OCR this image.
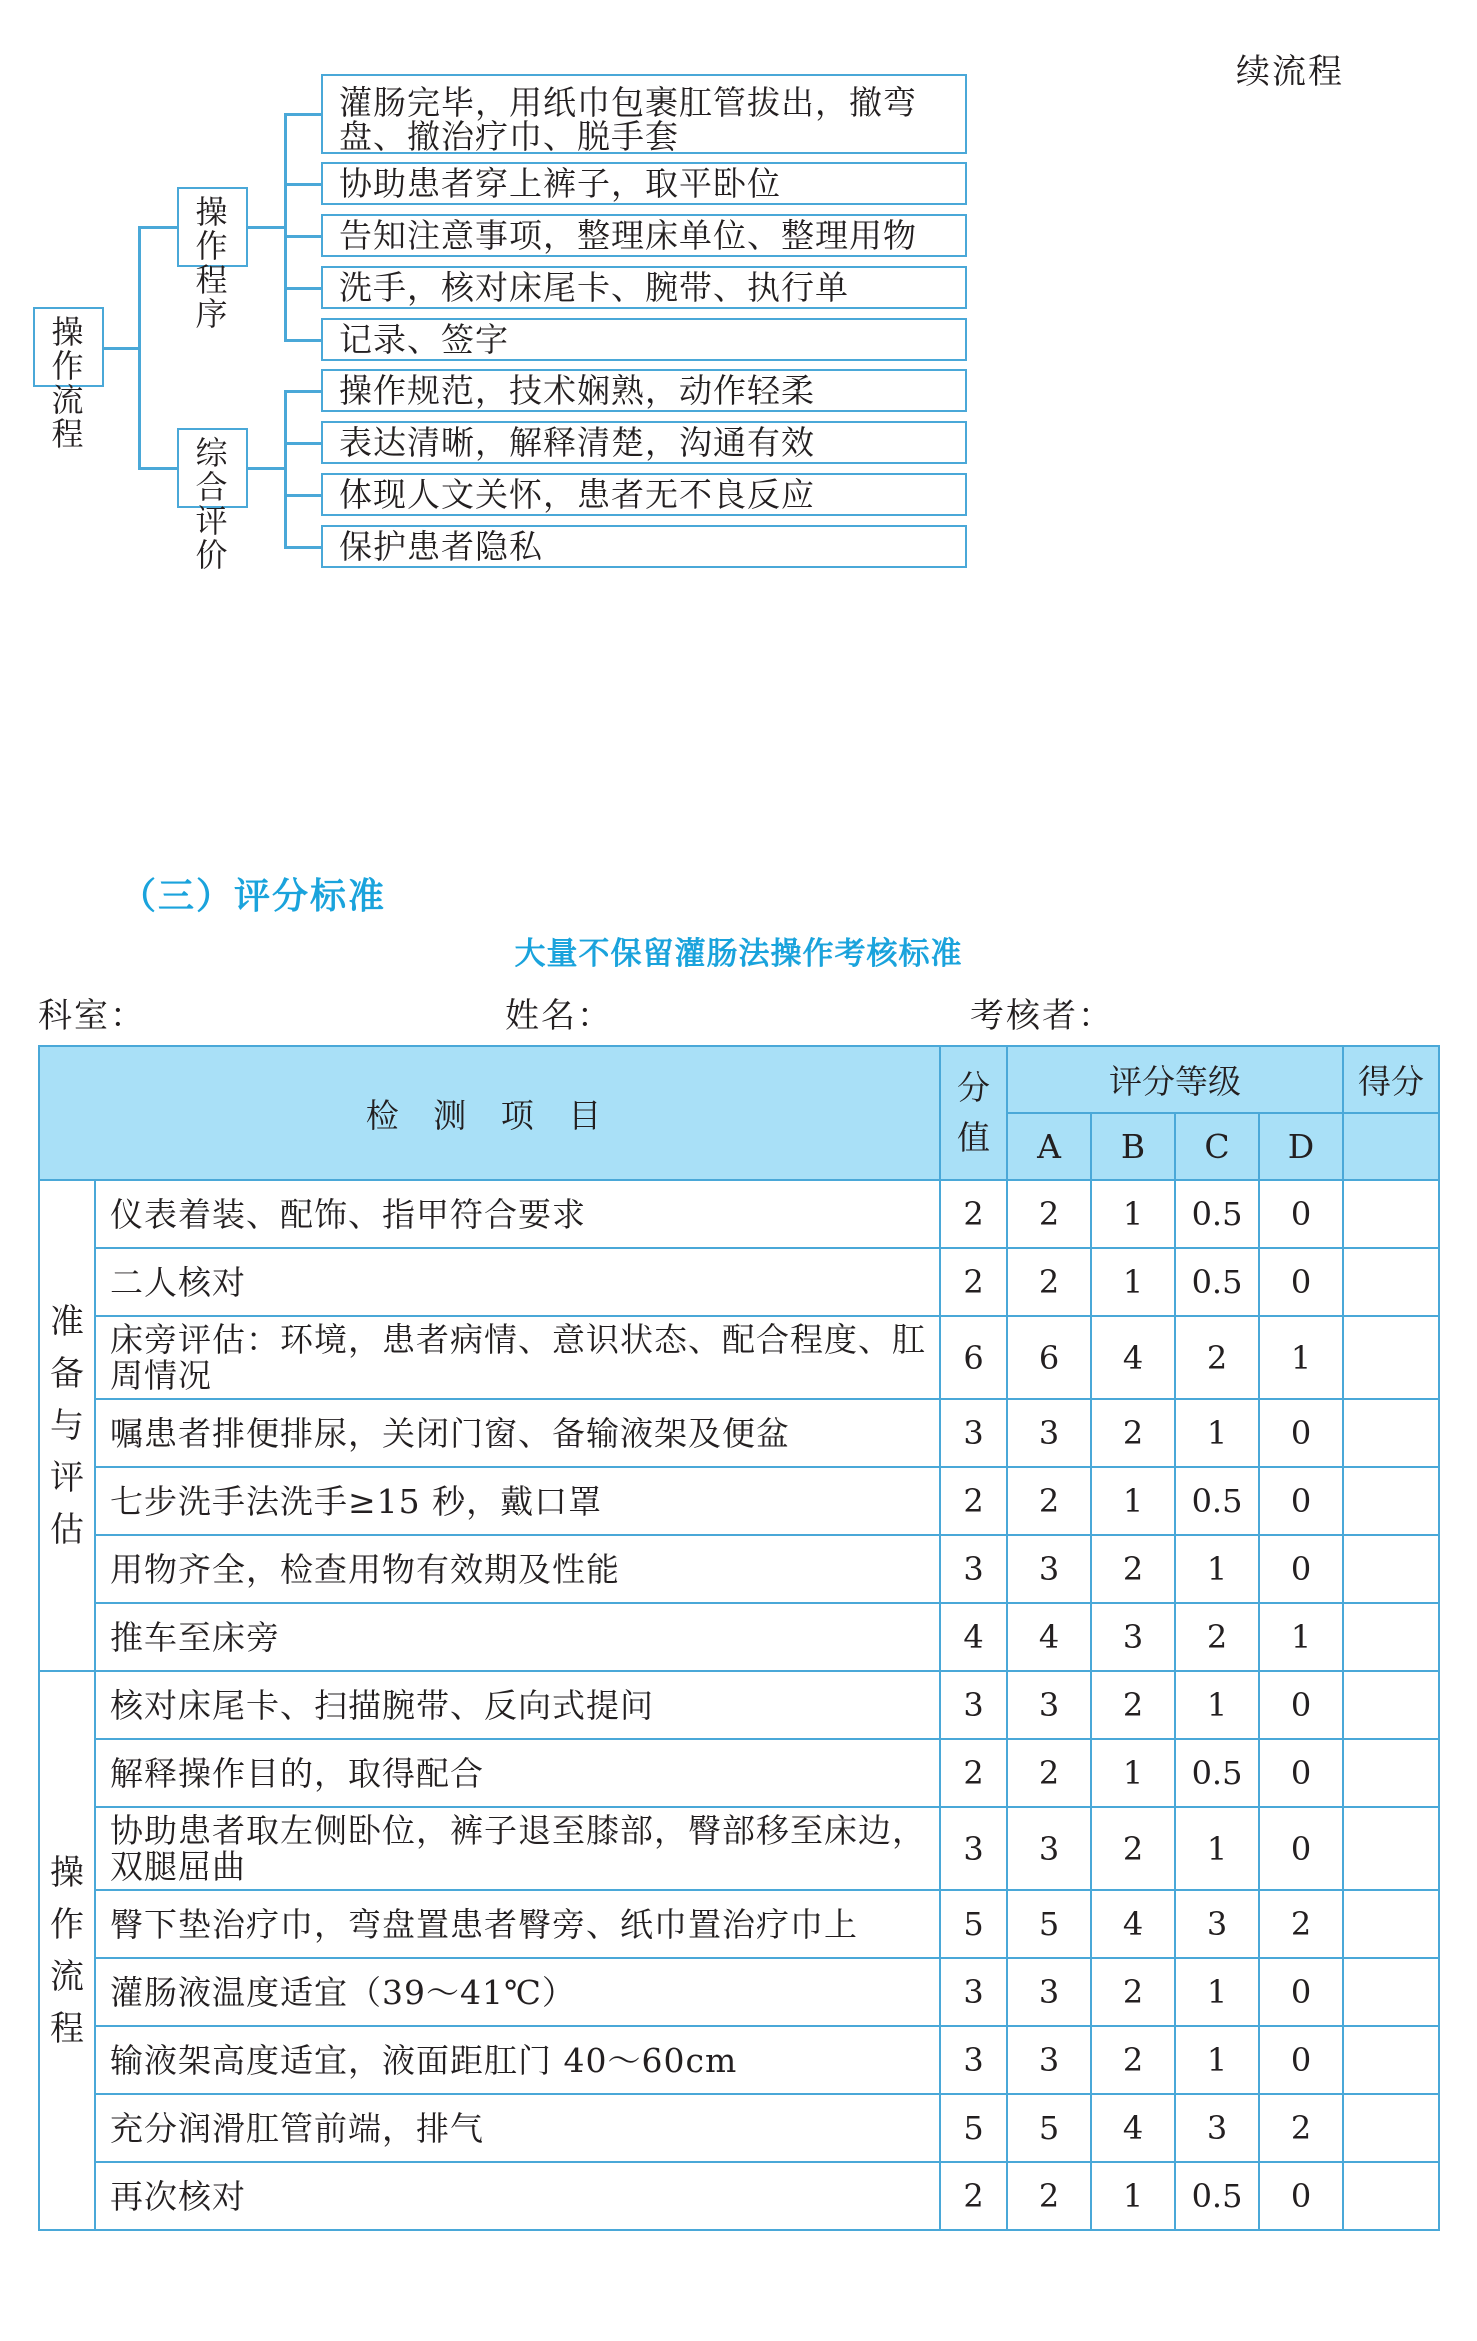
续流程
操作流程
操作程序
综合评价
灌肠完毕，用纸巾包裹肛管拔出，撤弯盘、撤治疗巾、脱手套
协助患者穿上裤子，取平卧位
告知注意事项，整理床单位、整理用物
洗手，核对床尾卡、腕带、执行单
记录、签字
操作规范，技术娴熟，动作轻柔
表达清晰，解释清楚，沟通有效
体现人文关怀，患者无不良反应
保护患者隐私
（三）评分标准
大量不保留灌肠法操作考核标准
科室：	姓名：	考核者：
检 测 项 目		分值	评分等级				得分
			A	B	C	D	

准备与评估	仪表着装、配饰、指甲符合要求	2	2	1	0.5	0	
	二人核对	2	2	1	0.5	0	
	床旁评估：环境，患者病情、意识状态、配合程度、肛周情况	6	6	4	2	1	
	嘱患者排便排尿，关闭门窗、备输液架及便盆	3	3	2	1	0	
	七步洗手法洗手≥15 秒，戴口罩	2	2	1	0.5	0	
	用物齐全，检查用物有效期及性能	3	3	2	1	0	
	推车至床旁	4	4	3	2	1	

操作流程	核对床尾卡、扫描腕带、反向式提问	3	3	2	1	0	
	解释操作目的，取得配合	2	2	1	0.5	0	
	协助患者取左侧卧位，裤子退至膝部，臀部移至床边，双腿屈曲	3	3	2	1	0	
	臀下垫治疗巾，弯盘置患者臀旁、纸巾置治疗巾上	5	5	4	3	2	
	灌肠液温度适宜（39～41℃）	3	3	2	1	0	
	输液架高度适宜，液面距肛门 40～60cm	3	3	2	1	0	
	充分润滑肛管前端，排气	5	5	4	3	2	
	再次核对	2	2	1	0.5	0	
